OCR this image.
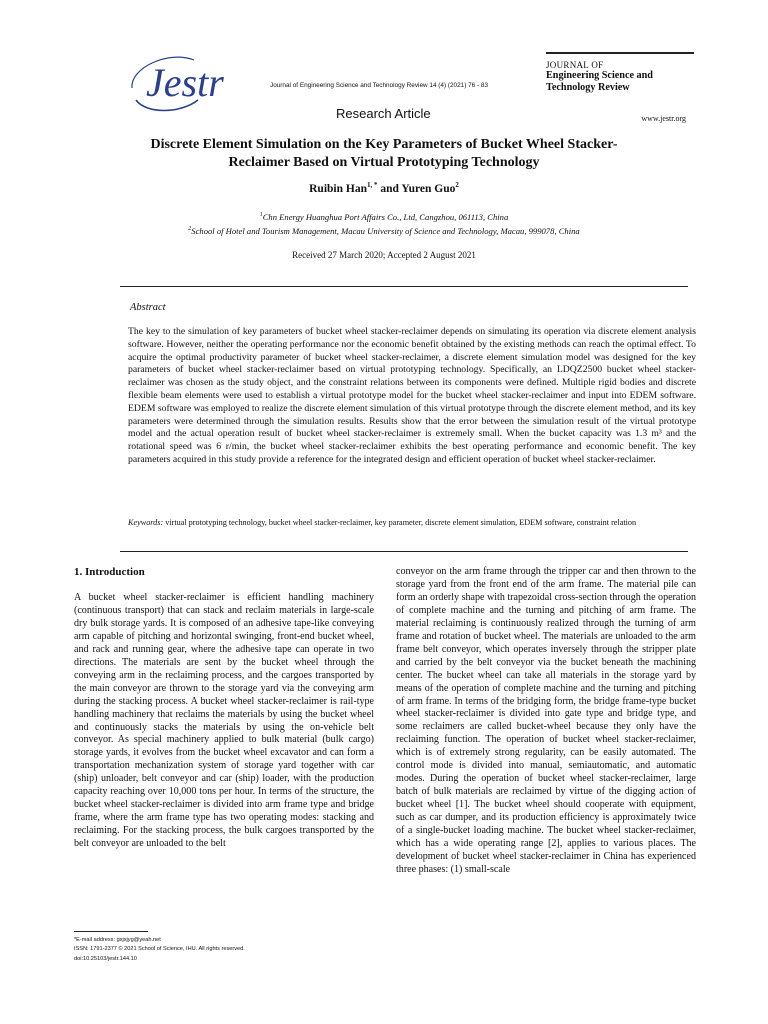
Jestr	Journal of Engineering Science and Technology Review 14 (4) (2021) 76 - 83
Research Article
JOURNAL OF
Engineering Science and Technology Review
www.jestr.org
Discrete Element Simulation on the Key Parameters of Bucket Wheel Stacker-Reclaimer Based on Virtual Prototyping Technology
Ruibin Han$^{1, *}$ and Yuren Guo$^2$
$^1$Chn Energy Huanghua Port Affairs Co., Ltd, Cangzhou, 061113, China
$^2$School of Hotel and Tourism Management, Macau University of Science and Technology, Macau, 999078, China
Received 27 March 2020; Accepted 2 August 2021
Abstract
The key to the simulation of key parameters of bucket wheel stacker-reclaimer depends on simulating its operation via discrete element analysis software. However, neither the operating performance nor the economic benefit obtained by the existing methods can reach the optimal effect. To acquire the optimal productivity parameter of bucket wheel stacker-reclaimer, a discrete element simulation model was designed for the key parameters of bucket wheel stacker-reclaimer based on virtual prototyping technology. Specifically, an LDQZ2500 bucket wheel stacker-reclaimer was chosen as the study object, and the constraint relations between its components were defined. Multiple rigid bodies and discrete flexible beam elements were used to establish a virtual prototype model for the bucket wheel stacker-reclaimer and input into EDEM software. EDEM software was employed to realize the discrete element simulation of this virtual prototype through the discrete element method, and its key parameters were determined through the simulation results. Results show that the error between the simulation result of the virtual prototype model and the actual operation result of bucket wheel stacker-reclaimer is extremely small. When the bucket capacity was 1.3 m³ and the rotational speed was 6 r/min, the bucket wheel stacker-reclaimer exhibits the best operating performance and economic benefit. The key parameters acquired in this study provide a reference for the integrated design and efficient operation of bucket wheel stacker-reclaimer.
Keywords: virtual prototyping technology, bucket wheel stacker-reclaimer, key parameter, discrete element simulation, EDEM software, constraint relation
1. Introduction
A bucket wheel stacker-reclaimer is efficient handling machinery (continuous transport) that can stack and reclaim materials in large-scale dry bulk storage yards. It is composed of an adhesive tape-like conveying arm capable of pitching and horizontal swinging, front-end bucket wheel, and rack and running gear, where the adhesive tape can operate in two directions. The materials are sent by the bucket wheel through the conveying arm in the reclaiming process, and the cargoes transported by the main conveyor are thrown to the storage yard via the conveying arm during the stacking process. A bucket wheel stacker-reclaimer is rail-type handling machinery that reclaims the materials by using the bucket wheel and continuously stacks the materials by using the on-vehicle belt conveyor. As special machinery applied to bulk material (bulk cargo) storage yards, it evolves from the bucket wheel excavator and can form a transportation mechanization system of storage yard together with car (ship) unloader, belt conveyor and car (ship) loader, with the production capacity reaching over 10,000 tons per hour. In terms of the structure, the bucket wheel stacker-reclaimer is divided into arm frame type and bridge frame, where the arm frame type has two operating modes: stacking and reclaiming. For the stacking process, the bulk cargoes transported by the belt conveyor are unloaded to the belt
conveyor on the arm frame through the tripper car and then thrown to the storage yard from the front end of the arm frame. The material pile can form an orderly shape with trapezoidal cross-section through the operation of complete machine and the turning and pitching of arm frame. The material reclaiming is continuously realized through the turning of arm frame and rotation of bucket wheel. The materials are unloaded to the arm frame belt conveyor, which operates inversely through the stripper plate and carried by the belt conveyor via the bucket beneath the machining center. The bucket wheel can take all materials in the storage yard by means of the operation of complete machine and the turning and pitching of arm frame. In terms of the bridging form, the bridge frame-type bucket wheel stacker-reclaimer is divided into gate type and bridge type, and some reclaimers are called bucket-wheel because they only have the reclaiming function. The operation of bucket wheel stacker-reclaimer, which is of extremely strong regularity, can be easily automated. The control mode is divided into manual, semiautomatic, and automatic modes. During the operation of bucket wheel stacker-reclaimer, large batch of bulk materials are reclaimed by virtue of the digging action of bucket wheel [1]. The bucket wheel should cooperate with equipment, such as car dumper, and its production efficiency is approximately twice of a single-bucket loading machine. The bucket wheel stacker-reclaimer, which has a wide operating range [2], applies to various places. The development of bucket wheel stacker-reclaimer in China has experienced three phases: (1) small-scale
*E-mail address: gxjxjyg@yeah.net
ISSN: 1791-2377 © 2021 School of Science, IHU. All rights reserved.
doi:10.25103/jestr.144.10
